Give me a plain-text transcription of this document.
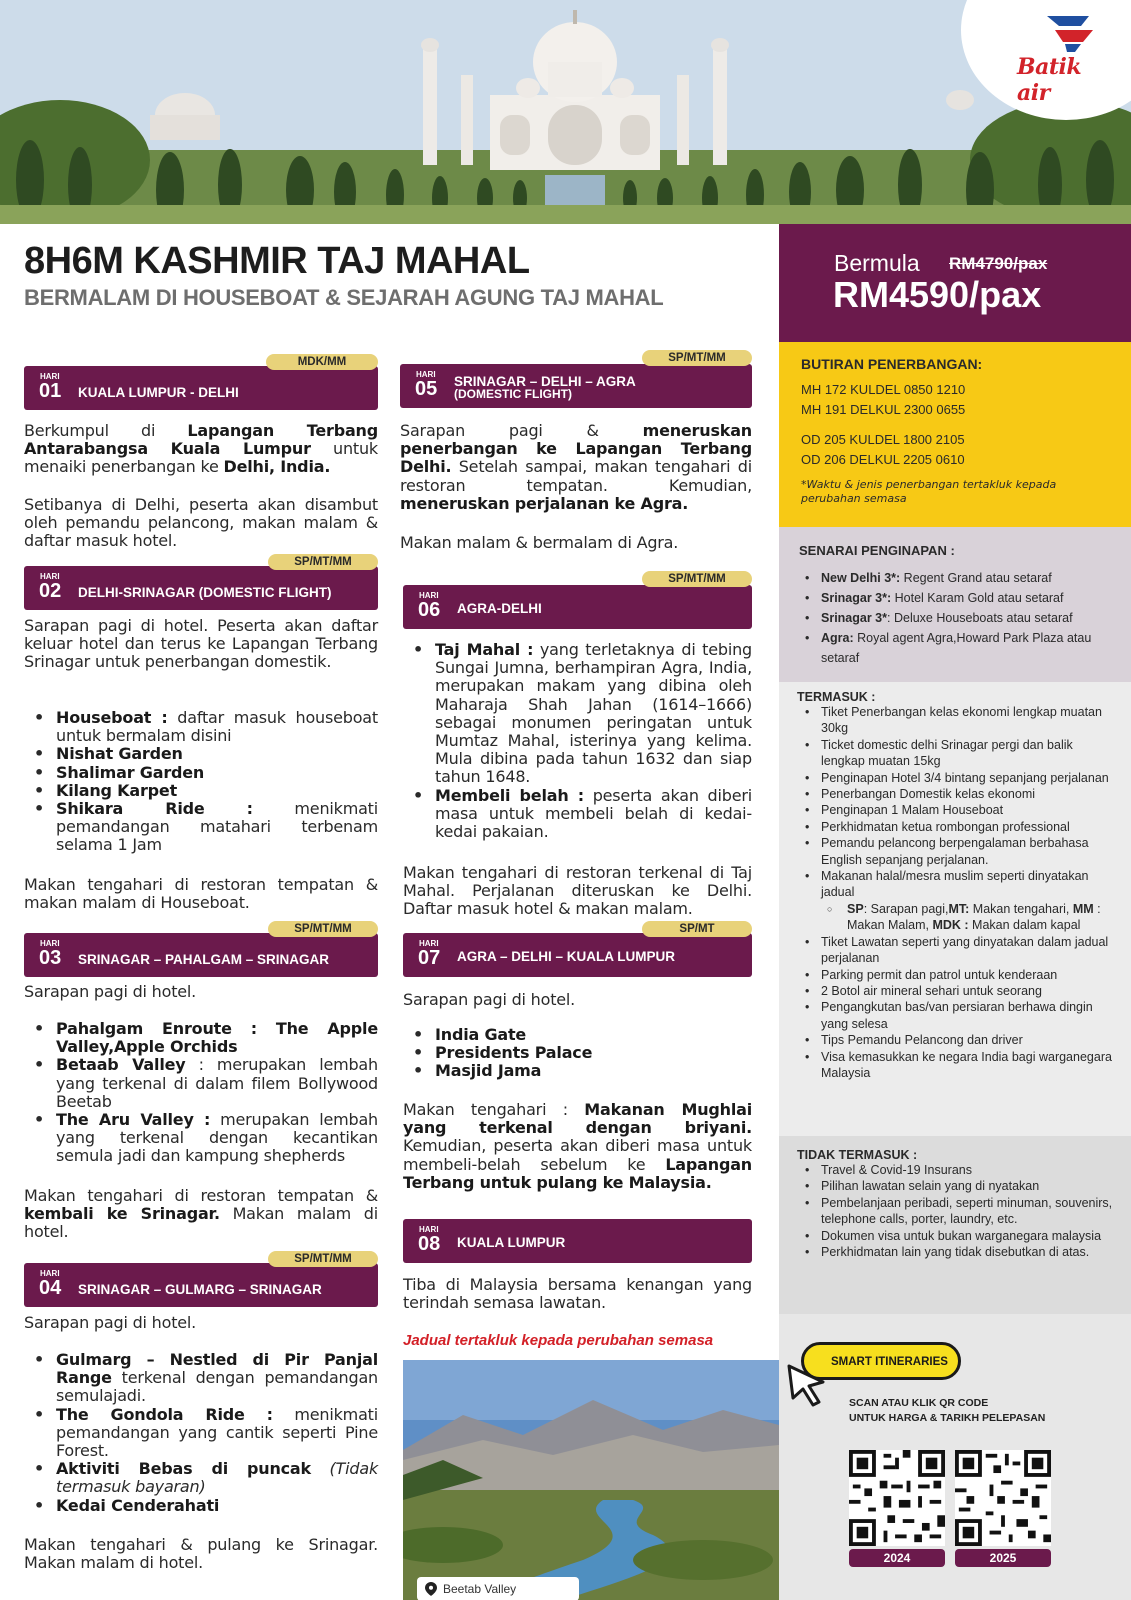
Batik air
8H6M KASHMIR TAJ MAHAL
BERMALAM DI HOUSEBOAT & SEJARAH AGUNG TAJ MAHAL
Bermula RM4790/pax
RM4590/pax
BUTIRAN PENERBANGAN:
MH 172 KULDEL 0850 1210
MH 191 DELKUL 2300 0655
OD 205 KULDEL 1800 2105
OD 206 DELKUL 2205 0610
*Waktu & jenis penerbangan tertakluk kepada perubahan semasa
SENARAI PENGINAPAN :
• New Delhi 3*: Regent Grand atau setaraf
• Srinagar 3*: Hotel Karam Gold atau setaraf
• Srinagar 3*: Deluxe Houseboats atau setaraf
• Agra: Royal agent Agra,Howard Park Plaza atau setaraf
TERMASUK :
• Tiket Penerbangan kelas ekonomi lengkap muatan 30kg
• Ticket domestic delhi Srinagar pergi dan balik lengkap muatan 15kg
• Penginapan Hotel 3/4 bintang sepanjang perjalanan
• Penerbangan Domestik kelas ekonomi
• Penginapan 1 Malam Houseboat
• Perkhidmatan ketua rombongan professional
• Pemandu pelancong berpengalaman berbahasa English sepanjang perjalanan.
• Makanan halal/mesra muslim seperti dinyatakan jadual
○ SP: Sarapan pagi,MT: Makan tengahari, MM : Makan Malam, MDK : Makan dalam kapal
• Tiket Lawatan seperti yang dinyatakan dalam jadual perjalanan
• Parking permit dan patrol untuk kenderaan
• 2 Botol air mineral sehari untuk seorang
• Pengangkutan bas/van persiaran berhawa dingin yang selesa
• Tips Pemandu Pelancong dan driver
• Visa kemasukkan ke negara India bagi warganegara Malaysia
TIDAK TERMASUK :
• Travel & Covid-19 Insurans
• Pilihan lawatan selain yang di nyatakan
• Pembelanjaan peribadi, seperti minuman, souvenirs, telephone calls, porter, laundry, etc.
• Dokumen visa untuk bukan warganegara malaysia
• Perkhidmatan lain yang tidak disebutkan di atas.
SMART ITINERARIES
SCAN ATAU KLIK QR CODE
UNTUK HARGA & TARIKH PELEPASAN
2024	2025
HARI
01 KUALA LUMPUR - DELHI
MDK/MM
HARI
02 DELHI-SRINAGAR (DOMESTIC FLIGHT)
SP/MT/MM
HARI
03 SRINAGAR – PAHALGAM – SRINAGAR
SP/MT/MM
HARI
04 SRINAGAR – GULMARG – SRINAGAR
SP/MT/MM
HARI
05 SRINAGAR – DELHI – AGRA
(DOMESTIC FLIGHT)
SP/MT/MM
HARI
06 AGRA-DELHI
SP/MT/MM
HARI
07 AGRA – DELHI – KUALA LUMPUR
SP/MT
HARI
08 KUALA LUMPUR
Berkumpul di Lapangan Terbang Antarabangsa Kuala Lumpur untuk menaiki penerbangan ke Delhi, India.
Setibanya di Delhi, peserta akan disambut oleh pemandu pelancong, makan malam & daftar masuk hotel.
Sarapan pagi di hotel. Peserta akan daftar keluar hotel dan terus ke Lapangan Terbang Srinagar untuk penerbangan domestik.
• Houseboat : daftar masuk houseboat untuk bermalam disini
• Nishat Garden
• Shalimar Garden
• Kilang Karpet
• Shikara Ride : menikmati pemandangan matahari terbenam selama 1 Jam
Makan tengahari di restoran tempatan & makan malam di Houseboat.
Sarapan pagi di hotel.
• Pahalgam Enroute : The Apple Valley,Apple Orchids
• Betaab Valley : merupakan lembah yang terkenal di dalam filem Bollywood Beetab
• The Aru Valley : merupakan lembah yang terkenal dengan kecantikan semula jadi dan kampung shepherds
Makan tengahari di restoran tempatan & kembali ke Srinagar. Makan malam di hotel.
Sarapan pagi di hotel.
• Gulmarg – Nestled di Pir Panjal Range terkenal dengan pemandangan semulajadi.
• The Gondola Ride : menikmati pemandangan yang cantik seperti Pine Forest.
• Aktiviti Bebas di puncak (Tidak termasuk bayaran)
• Kedai Cenderahati
Makan tengahari & pulang ke Srinagar. Makan malam di hotel.
Sarapan pagi & meneruskan penerbangan ke Lapangan Terbang Delhi. Setelah sampai, makan tengahari di restoran tempatan. Kemudian, meneruskan perjalanan ke Agra.
Makan malam & bermalam di Agra.
• Taj Mahal : yang terletaknya di tebing Sungai Jumna, berhampiran Agra, India, merupakan makam yang dibina oleh Maharaja Shah Jahan (1614–1666) sebagai monumen peringatan untuk Mumtaz Mahal, isterinya yang kelima. Mula dibina pada tahun 1632 dan siap tahun 1648.
• Membeli belah : peserta akan diberi masa untuk membeli belah di kedai-kedai pakaian.
Makan tengahari di restoran terkenal di Taj Mahal. Perjalanan diteruskan ke Delhi. Daftar masuk hotel & makan malam.
Sarapan pagi di hotel.
• India Gate
• Presidents Palace
• Masjid Jama
Makan tengahari : Makanan Mughlai yang terkenal dengan briyani. Kemudian, peserta akan diberi masa untuk membeli-belah sebelum ke Lapangan Terbang untuk pulang ke Malaysia.
Tiba di Malaysia bersama kenangan yang terindah semasa lawatan.
Jadual tertakluk kepada perubahan semasa
Beetab Valley
